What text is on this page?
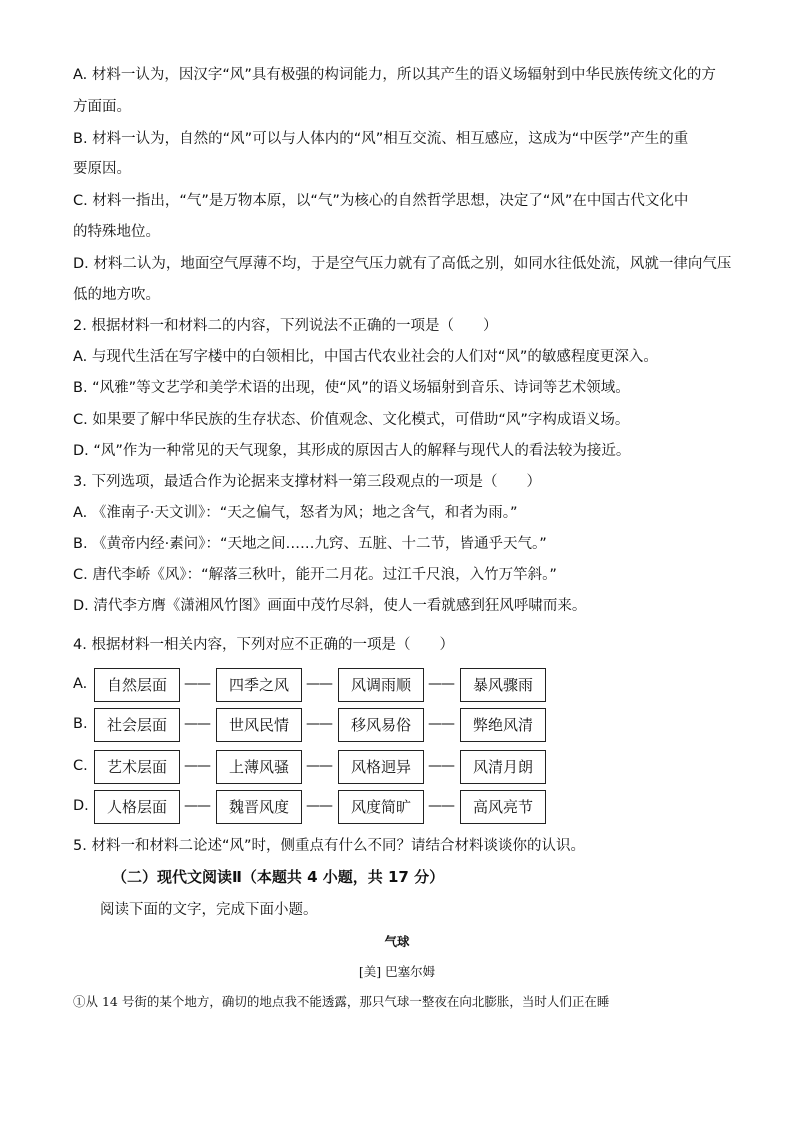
A. 材料一认为，因汉字“风”具有极强的构词能力，所以其产生的语义场辐射到中华民族传统文化的方
方面面。
B. 材料一认为，自然的“风”可以与人体内的“风”相互交流、相互感应，这成为“中医学”产生的重
要原因。
C. 材料一指出，“气”是万物本原，以“气”为核心的自然哲学思想，决定了“风”在中国古代文化中
的特殊地位。
D. 材料二认为，地面空气厚薄不均，于是空气压力就有了高低之别，如同水往低处流，风就一律向气压
低的地方吹。
2. 根据材料一和材料二的内容，下列说法不正确的一项是（　　）
A. 与现代生活在写字楼中的白领相比，中国古代农业社会的人们对“风”的敏感程度更深入。
B. “风雅”等文艺学和美学术语的出现，使“风”的语义场辐射到音乐、诗词等艺术领域。
C. 如果要了解中华民族的生存状态、价值观念、文化模式，可借助“风”字构成语义场。
D. “风”作为一种常见的天气现象，其形成的原因古人的解释与现代人的看法较为接近。
3. 下列选项，最适合作为论据来支撑材料一第三段观点的一项是（　　）
A. 《淮南子·天文训》：“天之偏气，怒者为风；地之含气，和者为雨。”
B. 《黄帝内经·素问》：“天地之间……九窍、五脏、十二节，皆通乎天气。”
C. 唐代李峤《风》：“解落三秋叶，能开二月花。过江千尺浪，入竹万竿斜。”
D. 清代李方膺《潇湘风竹图》画面中茂竹尽斜，使人一看就感到狂风呼啸而来。
4. 根据材料一相关内容，下列对应不正确的一项是（　　）
A.	自然层面	——	四季之风	——	风调雨顺	——	暴风骤雨
B.	社会层面	——	世风民情	——	移风易俗	——	弊绝风清
C.	艺术层面	——	上薄风骚	——	风格迥异	——	风清月朗
D.	人格层面	——	魏晋风度	——	风度简旷	——	高风亮节
5. 材料一和材料二论述“风”时，侧重点有什么不同？请结合材料谈谈你的认识。
（二）现代文阅读Ⅱ（本题共 4 小题，共 17 分）
阅读下面的文字，完成下面小题。
气球
[美] 巴塞尔姆
①从 14 号街的某个地方，确切的地点我不能透露，那只气球一整夜在向北膨胀，当时人们正在睡
